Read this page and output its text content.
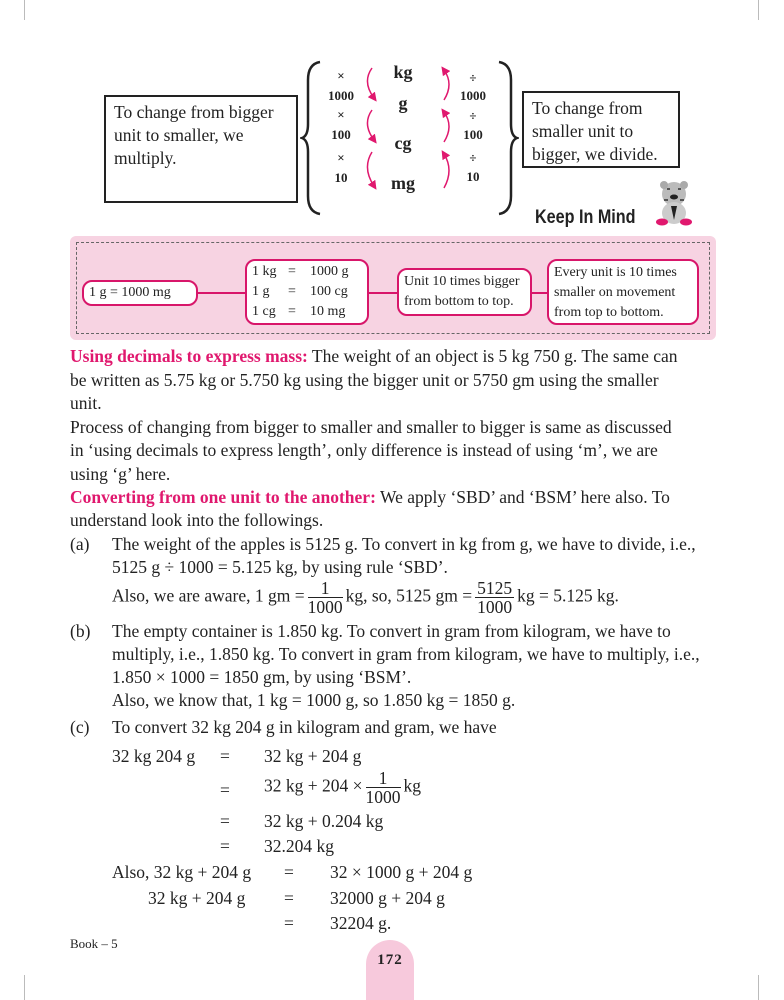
To change from bigger unit to smaller, we multiply.
×
1000
×
100
×
10
kg
g
cg
mg
÷
1000
÷
100
÷
10
To change from smaller unit to bigger, we divide.
Keep In Mind
1 g = 1000 mg
1 kg =	1000 g
1 g	=	100 cg
1 cg =	10 mg
Unit 10 times bigger from bottom to top.
Every unit is 10 times smaller on movement from top to bottom.
Using decimals to express mass: The weight of an object is 5 kg 750 g. The same can
be written as 5.75 kg or 5.750 kg using the bigger unit or 5750 gm using the smaller
unit.
Process of changing from bigger to smaller and smaller to bigger is same as discussed
in ‘using decimals to express length’, only difference is instead of using ‘m’, we are
using ‘g’ here.
Converting from one unit to the another: We apply ‘SBD’ and ‘BSM’ here also. To
understand look into the followings.
(a) The weight of the apples is 5125 g. To convert in kg from g, we have to divide, i.e.,
5125 g ÷ 1000 = 5.125 kg, by using rule ‘SBD’.
Also, we are aware, 1 gm = $\frac{1}{1000}$ kg, so, 5125 gm = $\frac{5125}{1000}$ kg = 5.125 kg.
(b) The empty container is 1.850 kg. To convert in gram from kilogram, we have to
multiply, i.e., 1.850 kg. To convert in gram from kilogram, we have to multiply, i.e.,
1.850 × 1000 = 1850 gm, by using ‘BSM’.
Also, we know that, 1 kg = 1000 g, so 1.850 kg = 1850 g.
(c) To convert 32 kg 204 g in kilogram and gram, we have
32 kg 204 g = 32 kg + 204 g
= 32 kg + $204 \times \frac{1}{1000}$ kg
= 32 kg + 0.204 kg
= 32.204 kg
Also, 32 kg + 204 g = 32 × 1000 g + 204 g
32 kg + 204 g = 32000 g + 204 g
= 32204 g.
Book – 5
172
